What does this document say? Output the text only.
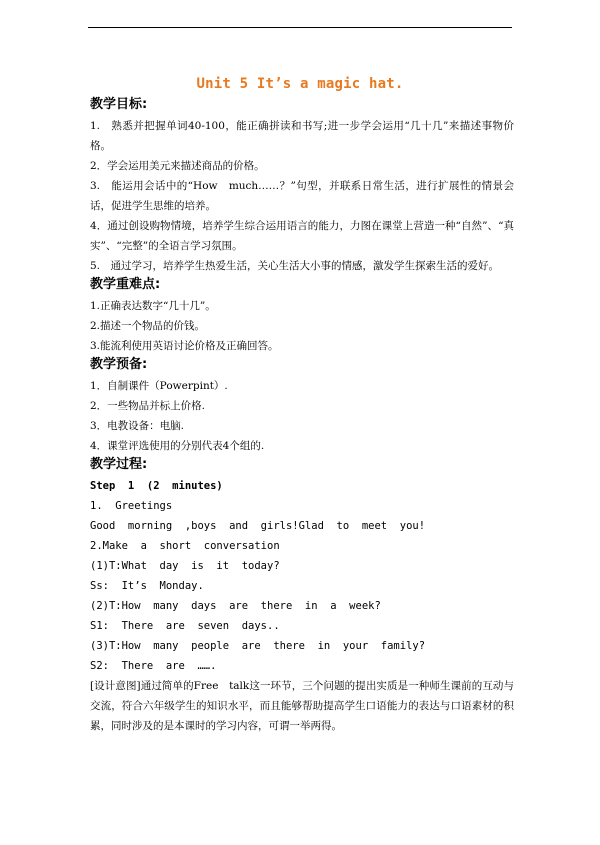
Unit 5 It’s a magic hat.
教学目标:

1.　熟悉并把握单词40-100，能正确拼读和书写;进一步学会运用“几十几”来描述事物价格。

2．学会运用美元来描述商品的价格。

3.　能运用会话中的“How　much……？”句型，并联系日常生活，进行扩展性的情景会话，促进学生思维的培养。

4．通过创设购物情境，培养学生综合运用语言的能力，力图在课堂上营造一种“自然”、“真实”、“完整”的全语言学习氛围。

5.　通过学习，培养学生热爱生活，关心生活大小事的情感，激发学生探索生活的爱好。

教学重难点:

1.正确表达数字“几十几”。

2.描述一个物品的价钱。

3.能流利使用英语讨论价格及正确回答。

教学预备:

1．自制课件（Powerpint）.

2．一些物品并标上价格.

3．电教设备：电脑.

4．课堂评选使用的分别代表4个组的.

教学过程:

Step  1  (2  minutes)

1.  Greetings

Good  morning  ,boys  and  girls!Glad  to  meet  you!

2.Make  a  short  conversation

(1)T:What  day  is  it  today?

Ss:  It’s  Monday.

(2)T:How  many  days  are  there  in  a  week?

S1:  There  are  seven  days..

(3)T:How  many  people  are  there  in  your  family?

S2:  There  are  …….

[设计意图]通过简单的Free　talk这一环节，三个问题的提出实质是一种师生课前的互动与交流，符合六年级学生的知识水平，而且能够帮助提高学生口语能力的表达与口语素材的积累，同时涉及的是本课时的学习内容，可谓一举两得。
